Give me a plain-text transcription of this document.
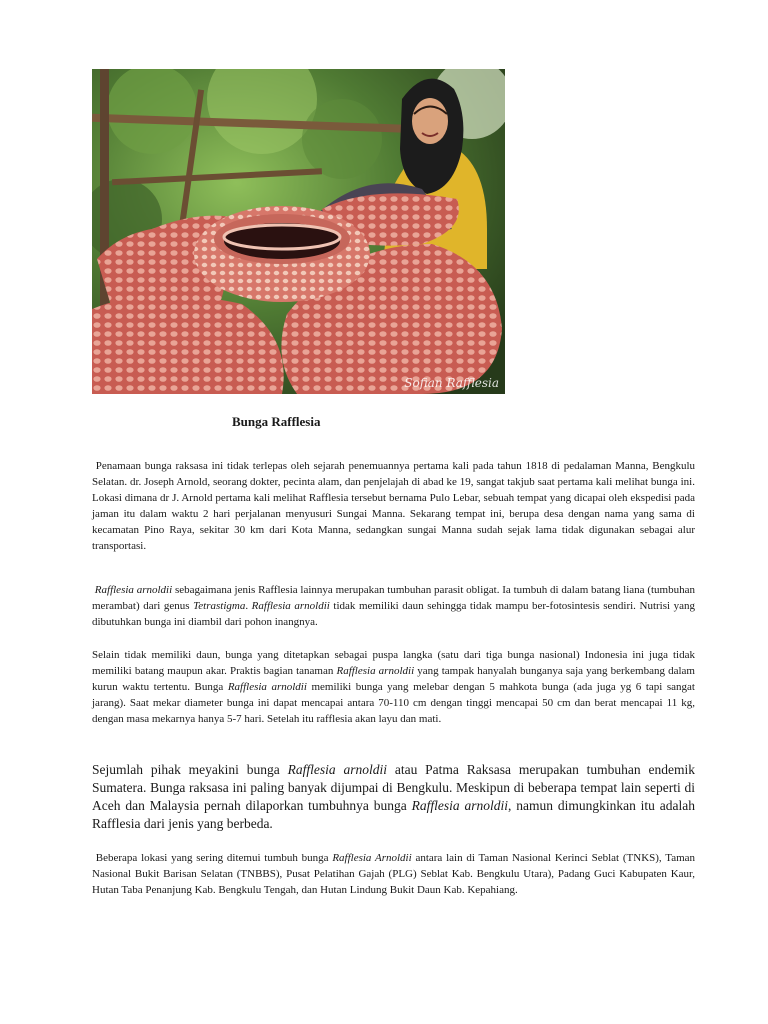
Sofian Rafflesia
Bunga Rafflesia

Penamaan bunga raksasa ini tidak terlepas oleh sejarah penemuannya pertama kali pada tahun 1818 di pedalaman Manna, Bengkulu Selatan. dr. Joseph Arnold, seorang dokter, pecinta alam, dan penjelajah di abad ke 19, sangat takjub saat pertama kali melihat bunga ini. Lokasi dimana dr J. Arnold pertama kali melihat Rafflesia tersebut bernama Pulo Lebar, sebuah tempat yang dicapai oleh ekspedisi pada jaman itu dalam waktu 2 hari perjalanan menyusuri Sungai Manna. Sekarang tempat ini, berupa desa dengan nama yang sama di kecamatan Pino Raya, sekitar 30 km dari Kota Manna, sedangkan sungai Manna sudah sejak lama tidak digunakan sebagai alur transportasi.

Rafflesia arnoldii sebagaimana jenis Rafflesia lainnya merupakan tumbuhan parasit obligat. Ia tumbuh di dalam batang liana (tumbuhan merambat) dari genus Tetrastigma. Rafflesia arnoldii tidak memiliki daun sehingga tidak mampu ber-fotosintesis sendiri. Nutrisi yang dibutuhkan bunga ini diambil dari pohon inangnya.

Selain tidak memiliki daun, bunga yang ditetapkan sebagai puspa langka (satu dari tiga bunga nasional) Indonesia ini juga tidak memiliki batang maupun akar. Praktis bagian tanaman Rafflesia arnoldii yang tampak hanyalah bunganya saja yang berkembang dalam kurun waktu tertentu. Bunga Rafflesia arnoldii memiliki bunga yang melebar dengan 5 mahkota bunga (ada juga yg 6 tapi sangat jarang). Saat mekar diameter bunga ini dapat mencapai antara 70-110 cm dengan tinggi mencapai 50 cm dan berat mencapai 11 kg, dengan masa mekarnya hanya 5-7 hari. Setelah itu rafflesia akan layu dan mati.

Sejumlah pihak meyakini bunga Rafflesia arnoldii atau Patma Raksasa merupakan tumbuhan endemik Sumatera. Bunga raksasa ini paling banyak dijumpai di Bengkulu. Meskipun di beberapa tempat lain seperti di Aceh dan Malaysia pernah dilaporkan tumbuhnya bunga Rafflesia arnoldii, namun dimungkinkan itu adalah Rafflesia dari jenis yang berbeda.

Beberapa lokasi yang sering ditemui tumbuh bunga Rafflesia Arnoldii antara lain di Taman Nasional Kerinci Seblat (TNKS), Taman Nasional Bukit Barisan Selatan (TNBBS), Pusat Pelatihan Gajah (PLG) Seblat Kab. Bengkulu Utara), Padang Guci Kabupaten Kaur, Hutan Taba Penanjung Kab. Bengkulu Tengah, dan Hutan Lindung Bukit Daun Kab. Kepahiang.
